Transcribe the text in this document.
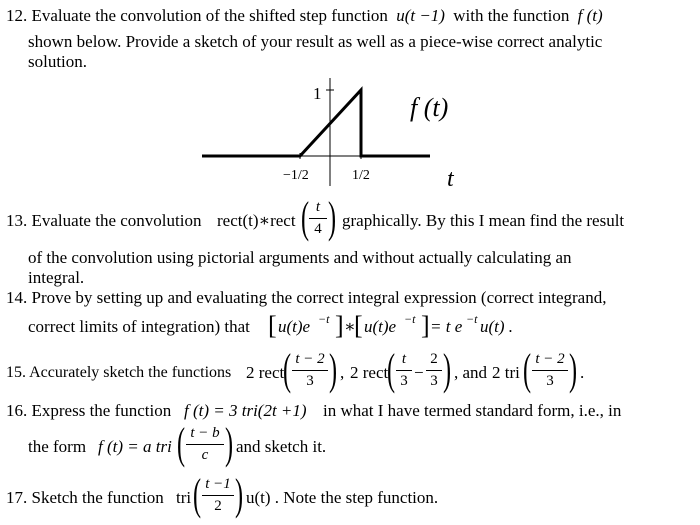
12. Evaluate the convolution of the shifted step function u(t −1) with the function f (t)
shown below. Provide a sketch of your result as well as a piece-wise correct analytic
solution.
1
−1/2	1/2
f (t)
t
13. Evaluate the convolution rect(t)∗rect ( t
4 ) graphically. By this I mean find the result
of the convolution using pictorial arguments and without actually calculating an
integral.
14. Prove by setting up and evaluating the correct integral expression (correct integrand,
correct limits of integration) that [ u(t)e −t ] ∗
[ u(t)e −t ] = t e −t u(t) .
15. Accurately sketch the functions 2 rect
( t − 2
3 ) , 2 rect
( t
3 −
2
3 ) , and 2 tri ( t − 2
3 ) .
16. Express the function f (t) = 3 tri(2t +1) in what I have termed standard form, i.e., in
the form f (t) = a tri ( t − b
c ) and sketch it.
17. Sketch the function tri ( t −1
2 ) u(t) . Note the step function.
